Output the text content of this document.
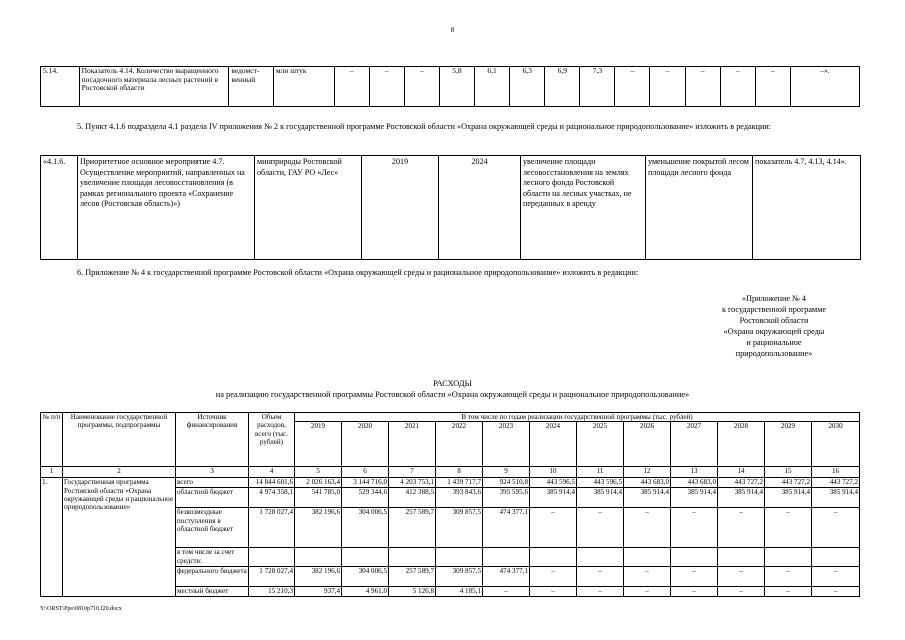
8
5.14.	Показатель 4.14. Количество выращенного посадочного материала лесных растений в Ростовской области	ведомст-венный	млн штук	–	–	–	5,8	6,1	6,3	6,9	7,3	–	–	–	–	–	–».
5. Пункт 4.1.6 подраздела 4.1 раздела IV приложения № 2 к государственной программе Ростовской области «Охрана окружающей среды и рациональное природопользование» изложить в редакции:
«4.1.6.	Приоритетное основное мероприятие 4.7. Осуществление мероприятий, направленных на увеличение площади лесовосстановления (в рамках регионального проекта «Сохранение лесов (Ростовская область)»)	минприроды Ростовской области, ГАУ РО «Лес»	2019	2024	увеличение площади лесовосстановления на землях лесного фонда Ростовской области на лесных участках, не переданных в аренду	уменьшение покрытой лесом площади лесного фонда	показатель 4.7, 4.13, 4.14».
6. Приложение № 4 к государственной программе Ростовской области «Охрана окружающей среды и рациональное природопользование» изложить в редакции:
«Приложение № 4
к государственной программе
Ростовской области
«Охрана окружающей среды
и рациональное
природопользование»
РАСХОДЫ
на реализацию государственной программы Ростовской области «Охрана окружающей среды и рациональное природопользование»
№ п/п	Наименование государственной программы, подпрограммы	Источник финансирования	Объем расходов, всего (тыс. рублей)	В том числе по годам реализации государственной программы (тыс. рублей)											
				2019	2020	2021	2022	2023	2024	2025	2026	2027	2028	2029	2030
1	2	3	4	5	6	7	8	9	10	11	12	13	14	15	16
1.	Государственная программа Ростовской области «Охрана окружающей среды и рациональное природопользование»	всего	14 844 601,6	2 026 163,4	3 144 716,0	4 203 753,1	1 439 717,7	924 510,8	443 596,5	443 596,5	443 683,0	443 683,0	443 727,2	443 727,2	443 727,2
		областной бюджет	4 974 358,1	541 785,0	529 344,6	412 388,5	393 843,6	395 595,6	385 914,4	385 914,4	385 914,4	385 914,4	385 914,4	385 914,4	385 914,4
		безвозмездные поступления в областной бюджет	1 728 027,4	382 196,6	304 006,5	257 589,7	309 857,5	474 377,1	–	–	–	–	–	–	–
		в том числе за счет средств:													
		федерального бюджета	1 728 027,4	382 196,6	304 006,5	257 589,7	309 857,5	474 377,1	–	–	–	–	–	–	–
		местный бюджет	15 210,3	937,4	4 961,0	5 126,8	4 185,1	–	–	–	–	–	–	–	–
Y:\ORST\Ppo\0810p710.f20.docx
